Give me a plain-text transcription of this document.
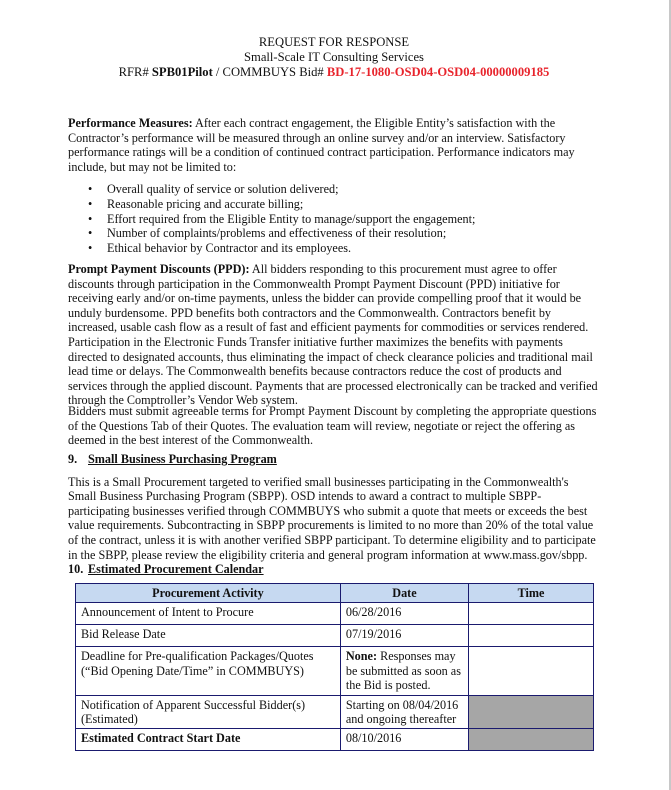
REQUEST FOR RESPONSE
Small-Scale IT Consulting Services
RFR# SPB01Pilot / COMMBUYS Bid# BD-17-1080-OSD04-OSD04-00000009185

Performance Measures: After each contract engagement, the Eligible Entity’s satisfaction with the Contractor’s performance will be measured through an online survey and/or an interview. Satisfactory performance ratings will be a condition of continued contract participation. Performance indicators may include, but may not be limited to:

• Overall quality of service or solution delivered;
• Reasonable pricing and accurate billing;
• Effort required from the Eligible Entity to manage/support the engagement;
• Number of complaints/problems and effectiveness of their resolution;
• Ethical behavior by Contractor and its employees.

Prompt Payment Discounts (PPD): All bidders responding to this procurement must agree to offer discounts through participation in the Commonwealth Prompt Payment Discount (PPD) initiative for receiving early and/or on-time payments, unless the bidder can provide compelling proof that it would be unduly burdensome. PPD benefits both contractors and the Commonwealth. Contractors benefit by increased, usable cash flow as a result of fast and efficient payments for commodities or services rendered. Participation in the Electronic Funds Transfer initiative further maximizes the benefits with payments directed to designated accounts, thus eliminating the impact of check clearance policies and traditional mail lead time or delays. The Commonwealth benefits because contractors reduce the cost of products and services through the applied discount. Payments that are processed electronically can be tracked and verified through the Comptroller’s Vendor Web system.

Bidders must submit agreeable terms for Prompt Payment Discount by completing the appropriate questions of the Questions Tab of their Quotes. The evaluation team will review, negotiate or reject the offering as deemed in the best interest of the Commonwealth.

9. Small Business Purchasing Program

This is a Small Procurement targeted to verified small businesses participating in the Commonwealth's Small Business Purchasing Program (SBPP). OSD intends to award a contract to multiple SBPP-participating businesses verified through COMMBUYS who submit a quote that meets or exceeds the best value requirements. Subcontracting in SBPP procurements is limited to no more than 20% of the total value of the contract, unless it is with another verified SBPP participant. To determine eligibility and to participate in the SBPP, please review the eligibility criteria and general program information at www.mass.gov/sbpp.

10. Estimated Procurement Calendar
Procurement Activity	Date	Time
Announcement of Intent to Procure	06/28/2016	
Bid Release Date	07/19/2016	
Deadline for Pre-qualification Packages/Quotes (“Bid Opening Date/Time” in COMMBUYS)	None: Responses may be submitted as soon as the Bid is posted.	
Notification of Apparent Successful Bidder(s) (Estimated)	Starting on 08/04/2016 and ongoing thereafter	
Estimated Contract Start Date	08/10/2016	
